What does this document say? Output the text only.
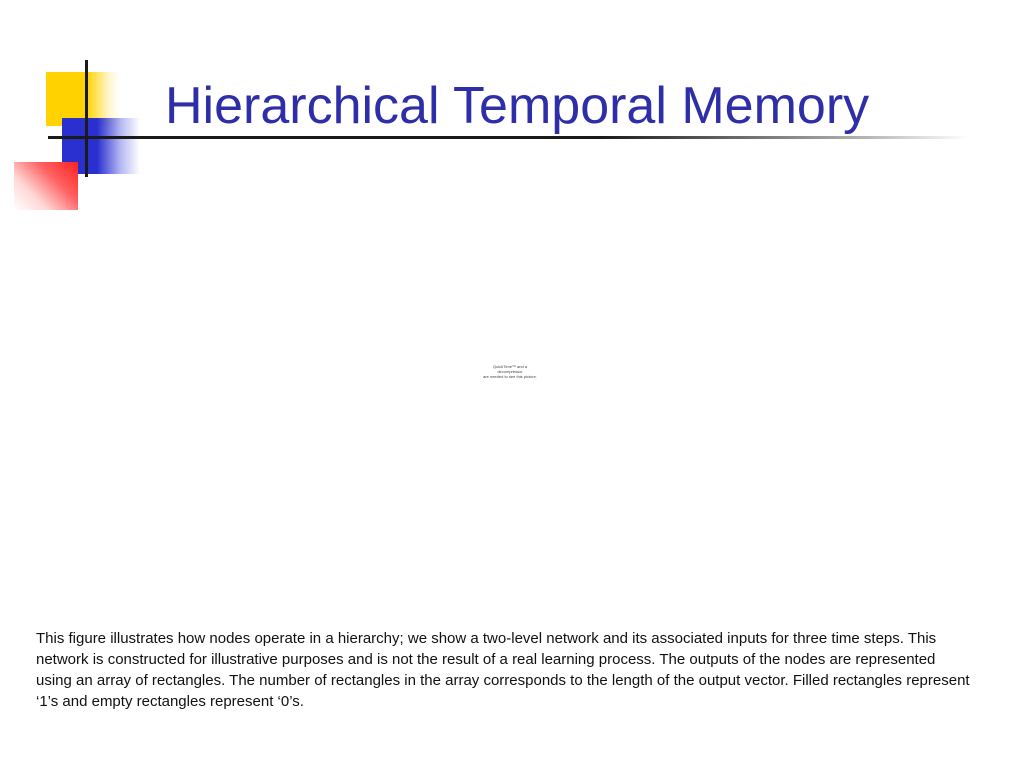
Hierarchical Temporal Memory
QuickTime™ and a
decompressor
are needed to see this picture.

This figure illustrates how nodes operate in a hierarchy; we show a two-level network and its associated inputs for three time steps. This network is constructed for illustrative purposes and is not the result of a real learning process. The outputs of the nodes are represented using an array of rectangles. The number of rectangles in the array corresponds to the length of the output vector. Filled rectangles represent ‘1’s and empty rectangles represent ‘0’s.
